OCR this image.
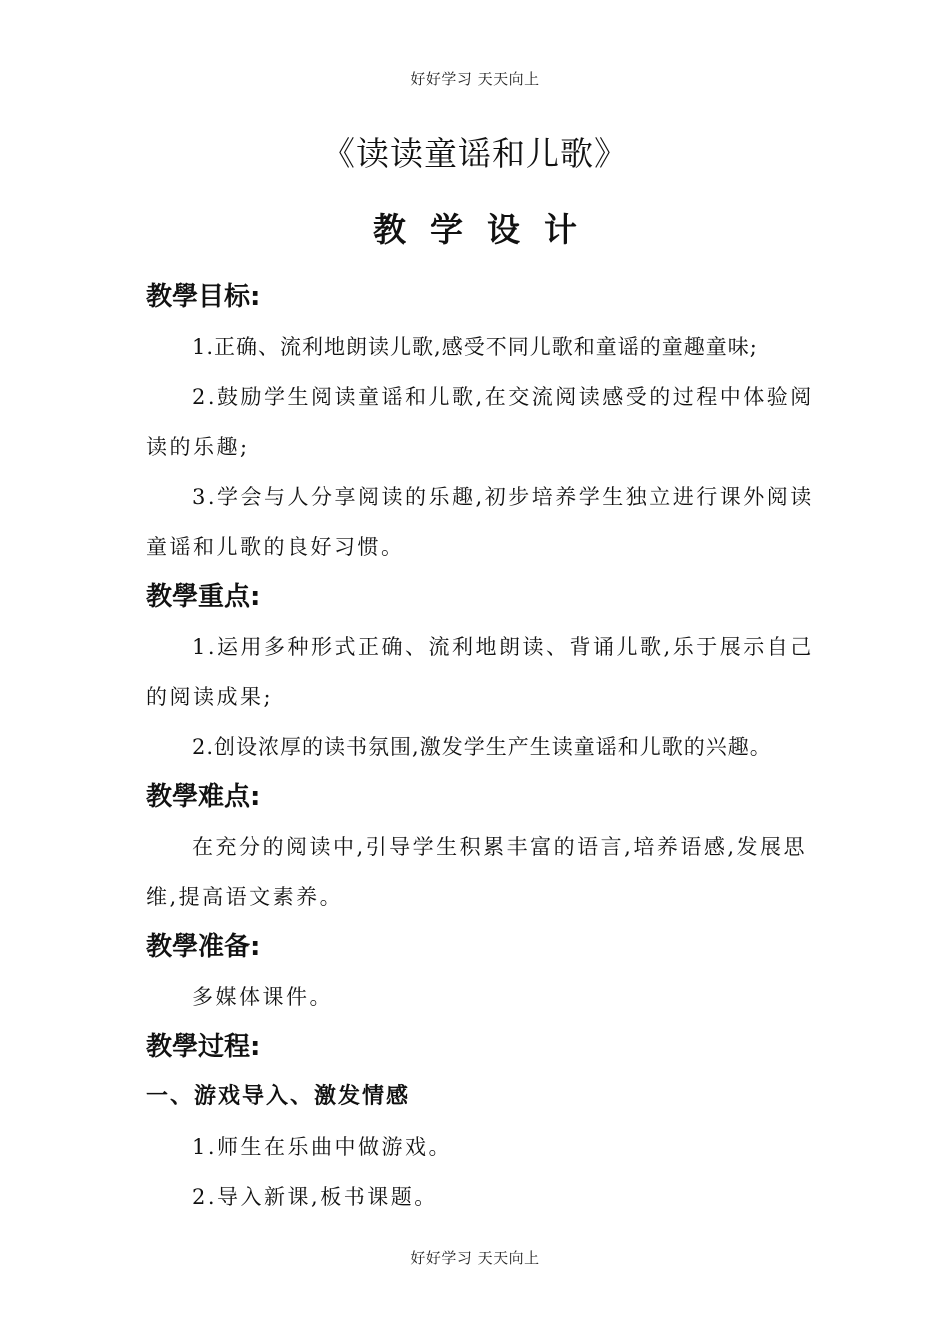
好好学习 天天向上
《读读童谣和儿歌》
教学设计
教學目标:
1.正确、流利地朗读儿歌,感受不同儿歌和童谣的童趣童味;
2.鼓励学生阅读童谣和儿歌,在交流阅读感受的过程中体验阅读的乐趣;
3.学会与人分享阅读的乐趣,初步培养学生独立进行课外阅读童谣和儿歌的良好习惯。
教學重点:
1.运用多种形式正确、流利地朗读、背诵儿歌,乐于展示自己的阅读成果;
2.创设浓厚的读书氛围,激发学生产生读童谣和儿歌的兴趣。
教學难点:
在充分的阅读中,引导学生积累丰富的语言,培养语感,发展思维,提高语文素养。
教學准备:
多媒体课件。
教學过程:
一、游戏导入、激发情感
1.师生在乐曲中做游戏。
2.导入新课,板书课题。
好好学习 天天向上
